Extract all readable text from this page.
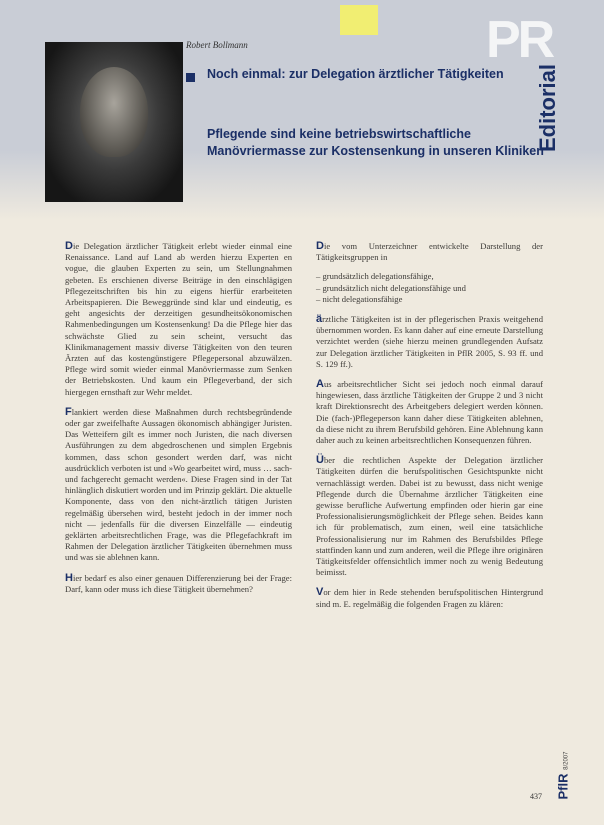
PR
Robert Bollmann
Noch einmal: zur Delegation ärztlicher Tätigkeiten
Pflegende sind keine betriebswirtschaftliche Manövriermasse zur Kostensenkung in unseren Kliniken
Editorial

Die Delegation ärztlicher Tätigkeit erlebt wieder einmal eine Renaissance. Land auf Land ab werden hierzu Experten en vogue, die glauben Experten zu sein, um Stellungnahmen gebeten. Es erschienen diverse Beiträge in den einschlägigen Pflegezeitschriften bis hin zu eigens hierfür erarbeiteten Arbeitspapieren. Die Beweggründe sind klar und eindeutig, es geht angesichts der derzeitigen gesundheitsökonomischen Rahmenbedingungen um Kostensenkung! Da die Pflege hier das schwächste Glied zu sein scheint, versucht das Klinikmanagement massiv diverse Tätigkeiten von den teuren Ärzten auf das kostengünstigere Pflegepersonal abzuwälzen. Pflege wird somit wieder einmal Manövriermasse zum Senken der Betriebskosten. Und kaum ein Pflegeverband, der sich hiergegen ernsthaft zur Wehr meldet.

Flankiert werden diese Maßnahmen durch rechtsbegründende oder gar zweifelhafte Aussagen ökonomisch abhängiger Juristen. Das Wetteifern gilt es immer noch Juristen, die nach diversen Ausführungen zu dem abgedroschenen und simplen Ergebnis kommen, dass schon gesondert werden darf, was nicht ausdrücklich verboten ist und »Wo gearbeitet wird, muss … sach- und fachgerecht gemacht werden«. Diese Fragen sind in der Tat hinlänglich diskutiert worden und im Prinzip geklärt. Die aktuelle Komponente, dass von den nicht-ärztlich tätigen Juristen regelmäßig übersehen wird, besteht jedoch in der immer noch nicht — jedenfalls für die diversen Einzelfälle — eindeutig geklärten arbeitsrechtlichen Frage, was die Pflegefachkraft im Rahmen der Delegation ärztlicher Tätigkeiten übernehmen muss und was sie ablehnen kann.

Hier bedarf es also einer genauen Differenzierung bei der Frage: Darf, kann oder muss ich diese Tätigkeit übernehmen?

Die vom Unterzeichner entwickelte Darstellung der Tätigkeitsgruppen in

– grundsätzlich delegationsfähige,
– grundsätzlich nicht delegationsfähige und
– nicht delegationsfähige

ärztliche Tätigkeiten ist in der pflegerischen Praxis weitgehend übernommen worden. Es kann daher auf eine erneute Darstellung verzichtet werden (siehe hierzu meinen grundlegenden Aufsatz zur Delegation ärztlicher Tätigkeiten in PflR 2005, S. 93 ff. und S. 129 ff.).

Aus arbeitsrechtlicher Sicht sei jedoch noch einmal darauf hingewiesen, dass ärztliche Tätigkeiten der Gruppe 2 und 3 nicht kraft Direktionsrecht des Arbeitgebers delegiert werden können. Die (fach-)Pflegeperson kann daher diese Tätigkeiten ablehnen, da diese nicht zu ihrem Berufsbild gehören. Eine Ablehnung kann daher auch zu keinen arbeitsrechtlichen Konsequenzen führen.

Über die rechtlichen Aspekte der Delegation ärztlicher Tätigkeiten dürfen die berufspolitischen Gesichtspunkte nicht vernachlässigt werden. Dabei ist zu bewusst, dass nicht wenige Pflegende durch die Übernahme ärztlicher Tätigkeiten eine gewisse berufliche Aufwertung empfinden oder hierin gar eine Professionalisierungsmöglichkeit der Pflege sehen. Beides kann ich für problematisch, zum einen, weil eine tatsächliche Professionalisierung nur im Rahmen des Berufsbildes Pflege stattfinden kann und zum anderen, weil die Pflege ihre originären Tätigkeitsfelder offensichtlich immer noch zu wenig Bedeutung beimisst.

Vor dem hier in Rede stehenden berufspolitischen Hintergrund sind m. E. regelmäßig die folgenden Fragen zu klären:

437 PflR 8/2007
